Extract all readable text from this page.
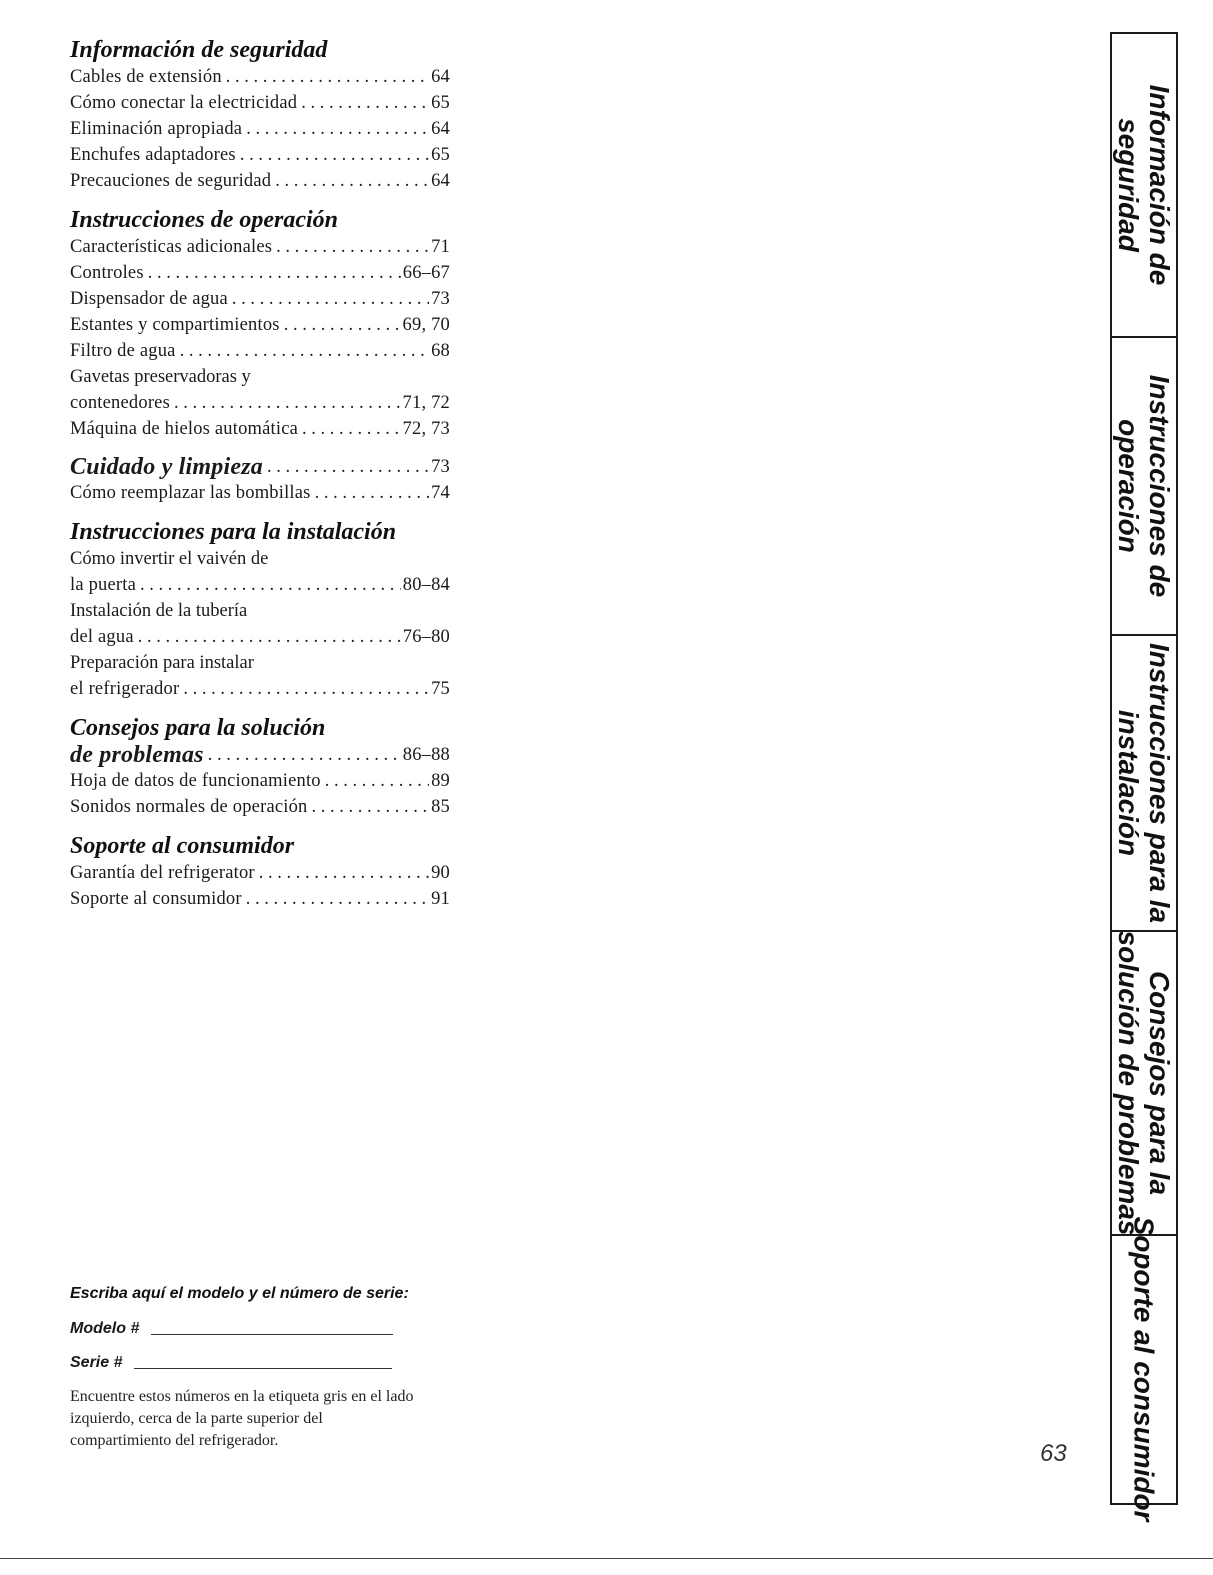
Información de seguridad
Cables de extensión . . .	64
Cómo conectar la electricidad . . .	65
Eliminación apropiada . . .	64
Enchufes adaptadores . . .	65
Precauciones de seguridad . . .	64
Instrucciones de operación
Características adicionales . . .	71
Controles . . .	66–67
Dispensador de agua . . .	73
Estantes y compartimientos . . .	69, 70
Filtro de agua . . .	68
Gavetas preservadoras y
contenedores . . .	71, 72
Máquina de hielos automática . . .	72, 73
Cuidado y limpieza . . .	73
Cómo reemplazar las bombillas . . .	74
Instrucciones para la instalación
Cómo invertir el vaivén de
la puerta . . .	80–84
Instalación de la tubería
del agua . . .	76–80
Preparación para instalar
el refrigerador . . .	75
Consejos para la solución
de problemas . . .	86–88
Hoja de datos de funcionamiento . . .	89
Sonidos normales de operación . . .	85
Soporte al consumidor
Garantía del refrigerator . . .	90
Soporte al consumidor . . .	91
Escriba aquí el modelo y el número de serie:
Modelo #
Serie #
Encuentre estos números en la etiqueta gris en el lado izquierdo, cerca de la parte superior del compartimiento del refrigerador.	63
Información de
seguridad
Instrucciones de
operación
Instrucciones para la
instalación
Consejos para la
solución de problemas
Soporte al consumidor
